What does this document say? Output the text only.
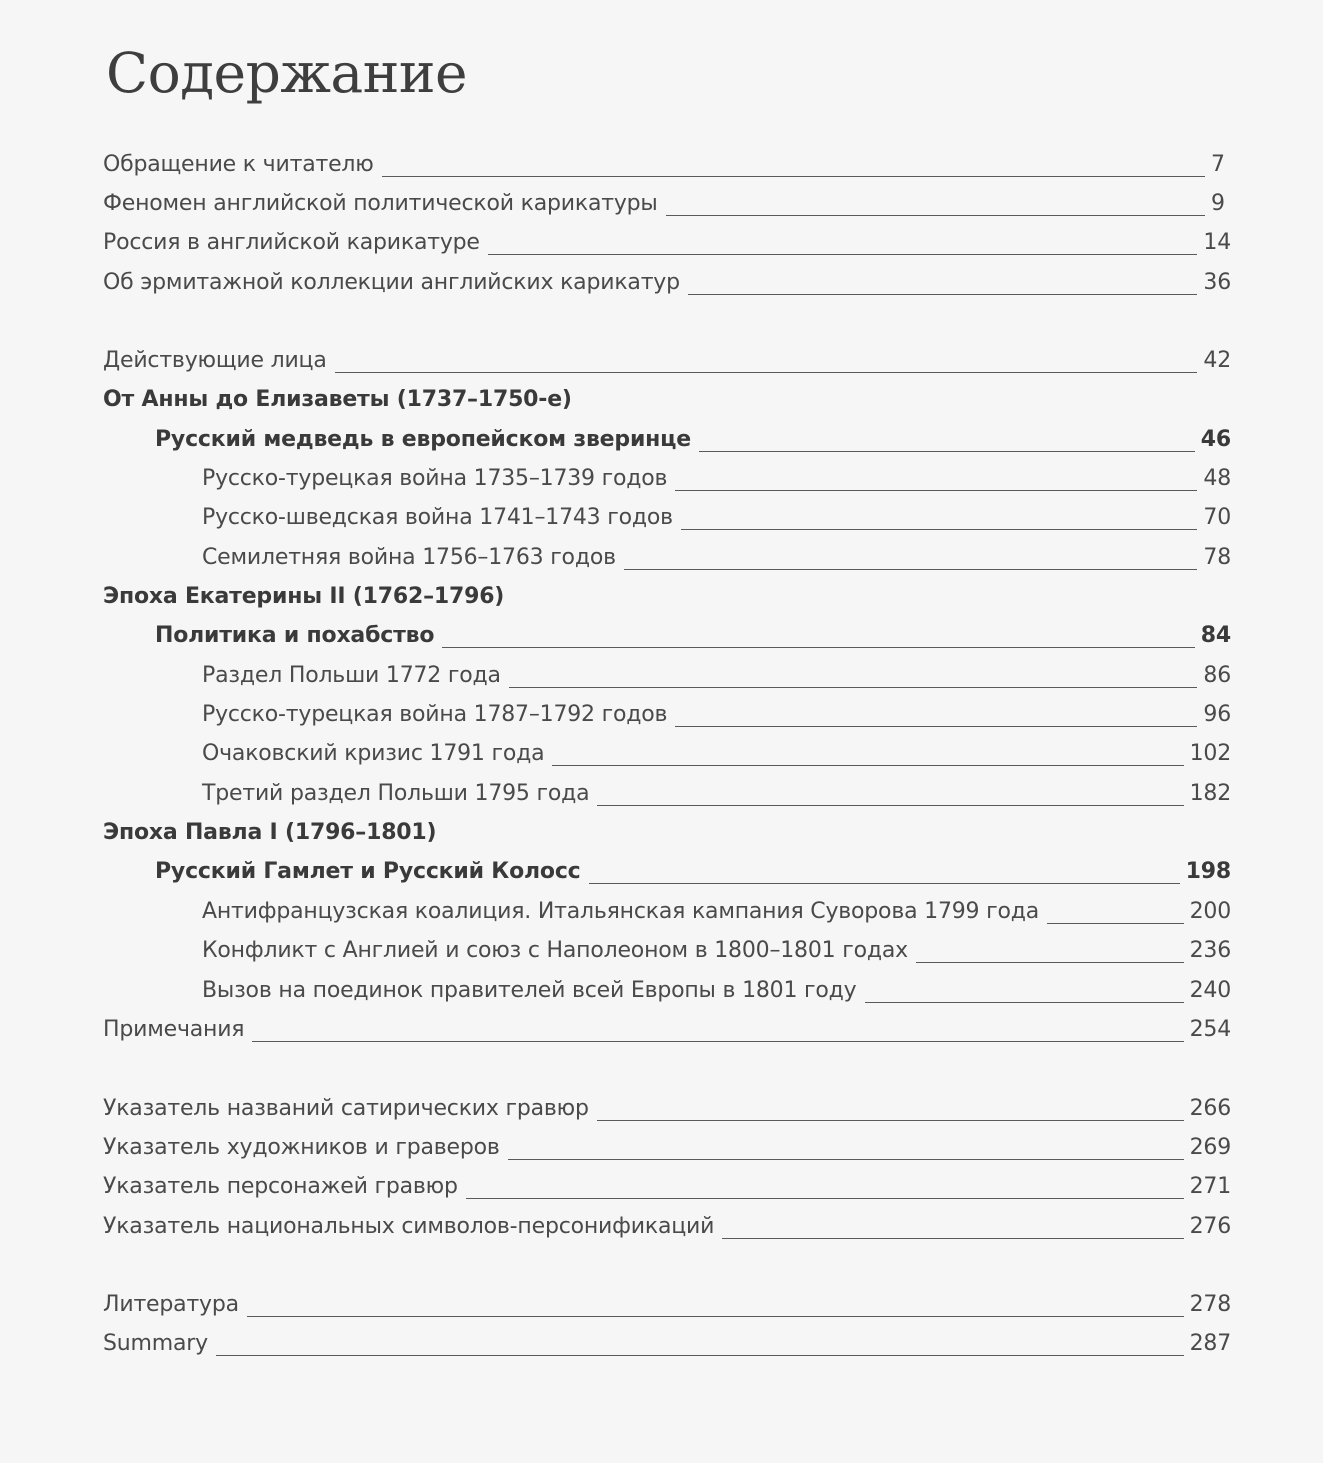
Содержание
Обращение к читателю	7
Феномен английской политической карикатуры	9
Россия в английской карикатуре	14
Об эрмитажной коллекции английских карикатур	36
Действующие лица	42
От Анны до Елизаветы (1737–1750-е)
Русский медведь в европейском зверинце	46
Русско-турецкая война 1735–1739 годов	48
Русско-шведская война 1741–1743 годов	70
Семилетняя война 1756–1763 годов	78
Эпоха Екатерины II (1762–1796)
Политика и похабство	84
Раздел Польши 1772 года	86
Русско-турецкая война 1787–1792 годов	96
Очаковский кризис 1791 года	102
Третий раздел Польши 1795 года	182
Эпоха Павла I (1796–1801)
Русский Гамлет и Русский Колосс	198
Антифранцузская коалиция. Итальянская кампания Суворова 1799 года	200
Конфликт с Англией и союз с Наполеоном в 1800–1801 годах	236
Вызов на поединок правителей всей Европы в 1801 году	240
Примечания	254
Указатель названий сатирических гравюр	266
Указатель художников и граверов	269
Указатель персонажей гравюр	271
Указатель национальных символов-персонификаций	276
Литература	278
Summary	287
